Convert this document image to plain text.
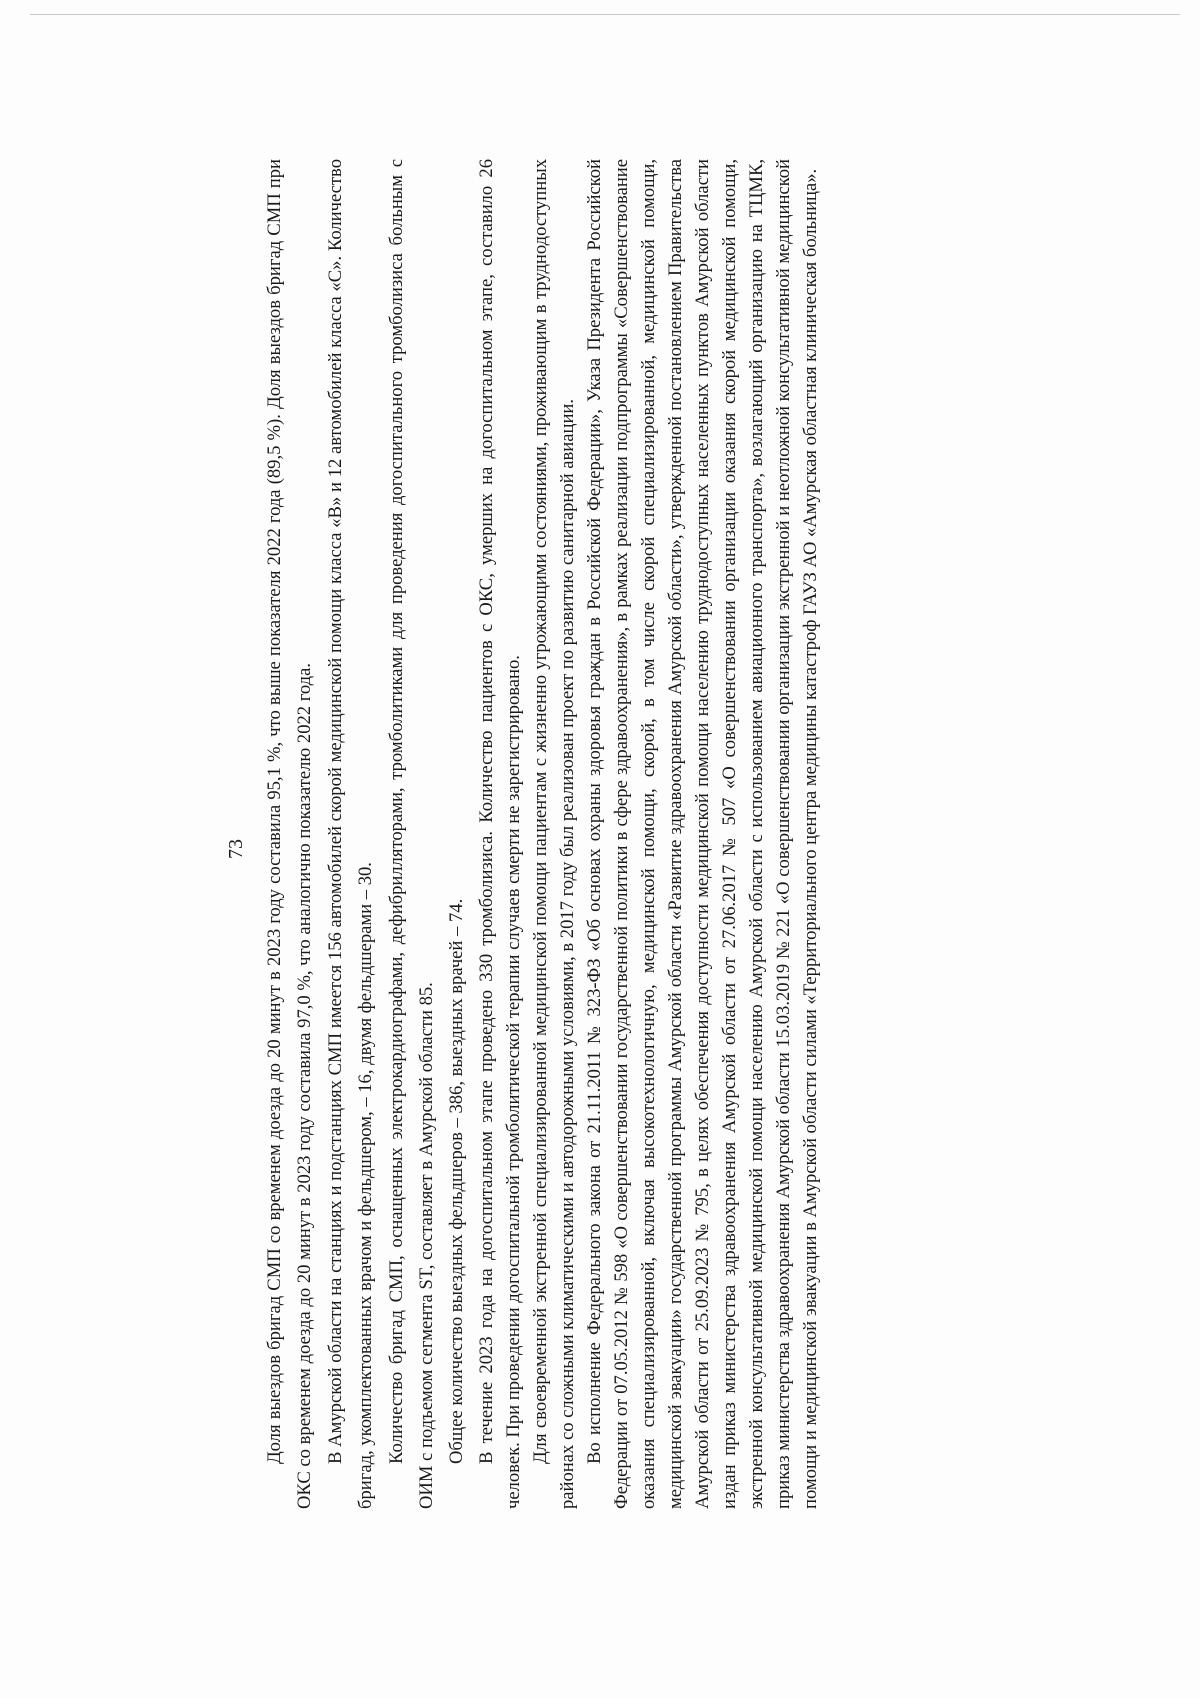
73 Доля выездов бригад СМП со временем доезда до 20 минут в 2023 году составила 95,1 %, что выше показателя 2022 года (89,5 %). Доля выездов бригад СМП при ОКС со временем доезда до 20 минут в 2023 году составила 97,0 %, что аналогично показателю 2022 года. В Амурской области на станциях и подстанциях СМП имеется 156 автомобилей скорой медицинской помощи класса «В» и 12 автомобилей класса «С». Количество бригад, укомплектованных врачом и фельдшером, – 16, двумя фельдшерами – 30. Количество бригад СМП, оснащенных электрокардиографами, дефибрилляторами, тромболитиками для проведения догоспитального тромболизиса больным с ОИМ с подъемом сегмента ST, составляет в Амурской области 85. Общее количество выездных фельдшеров – 386, выездных врачей – 74. В течение 2023 года на догоспитальном этапе проведено 330 тромболизиса. Количество пациентов с ОКС, умерших на догоспитальном этапе, составило 26 человек. При проведении догоспитальной тромболитической терапии случаев смерти не зарегистрировано. Для своевременной экстренной специализированной медицинской помощи пациентам с жизненно угрожающими состояниями, проживающим в труднодоступных районах со сложными климатическими и автодорожными условиями, в 2017 году был реализован проект по развитию санитарной авиации. Во исполнение Федерального закона от 21.11.2011 № 323-ФЗ «Об основах охраны здоровья граждан в Российской Федерации», Указа Президента Российской Федерации от 07.05.2012 № 598 «О совершенствовании государственной политики в сфере здравоохранения», в рамках реализации подпрограммы «Совершенствование оказания специализированной, включая высокотехнологичную, медицинской помощи, скорой, в том числе скорой специализированной, медицинской помощи, медицинской эвакуации» государственной программы Амурской области «Развитие здравоохранения Амурской области», утвержденной постановлением Правительства Амурской области от 25.09.2023 № 795, в целях обеспечения доступности медицинской помощи населению труднодоступных населенных пунктов Амурской области издан приказ министерства здравоохранения Амурской области от 27.06.2017 № 507 «О совершенствовании организации оказания скорой медицинской помощи, экстренной консультативной медицинской помощи населению Амурской области с использованием авиационного транспорта», возлагающий организацию на ТЦМК, приказ министерства здравоохранения Амурской области 15.03.2019 № 221 «О совершенствовании организации экстренной и неотложной консультативной медицинской помощи и медицинской эвакуации в Амурской области силами «Территориального центра медицины катастроф ГАУЗ АО «Амурская областная клиническая больница».
